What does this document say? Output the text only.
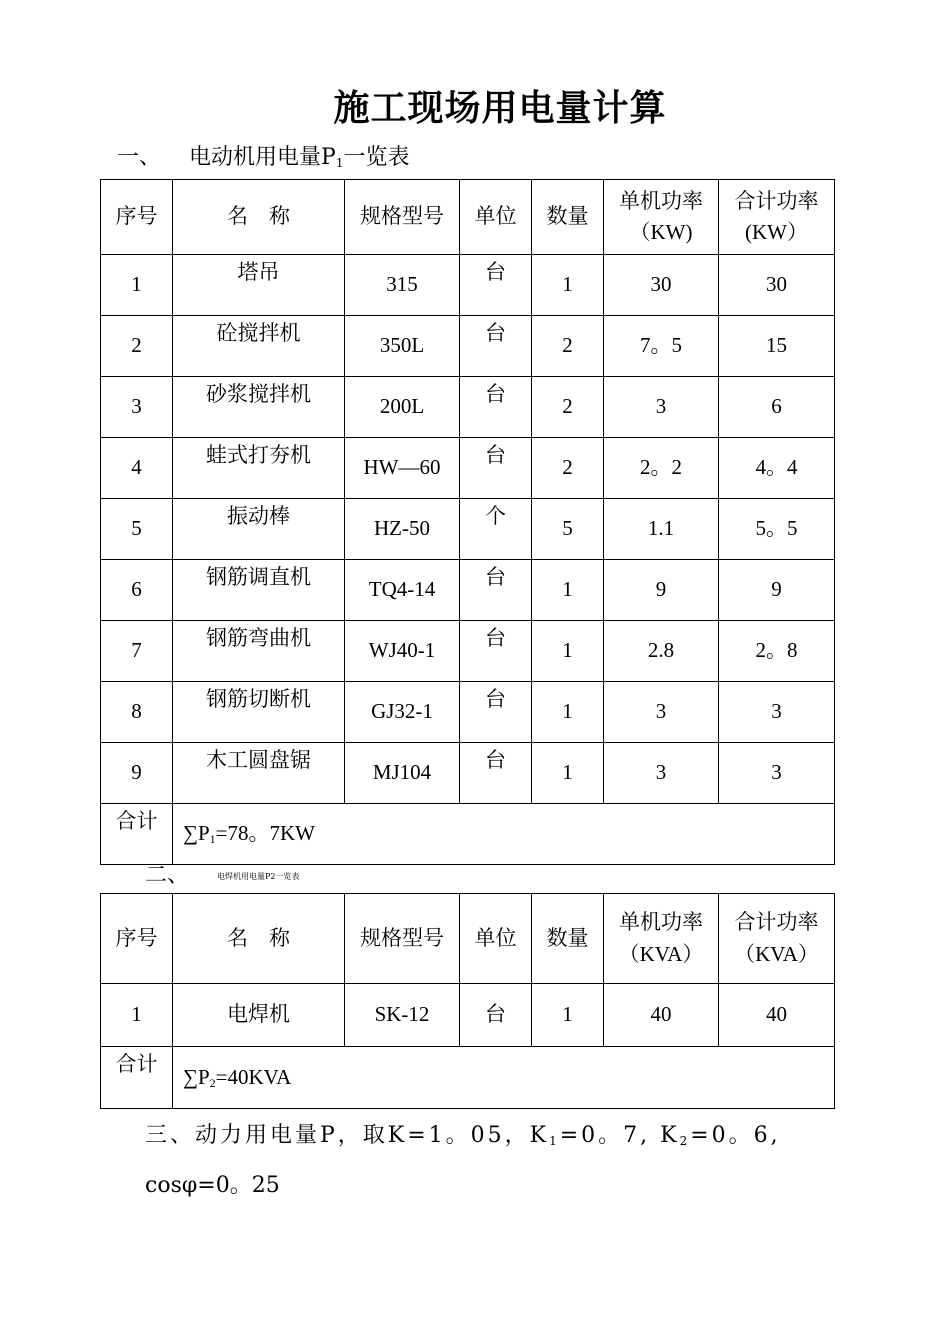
施工现场用电量计算
一、 电动机用电量$P_1$一览表
序号	名　称	规格型号	单位	数量	单机功率（KW)	合计功率(KW）
1	塔吊	315	台	1	30	30
2	砼搅拌机	350L	台	2	7。5	15
3	砂浆搅拌机	200L	台	2	3	6
4	蛙式打夯机	HW—60	台	2	2。2	4。4
5	振动棒	HZ-50	个	5	1.1	5。5
6	钢筋调直机	TQ4-14	台	1	9	9
7	钢筋弯曲机	WJ40-1	台	1	2.8	2。8
8	钢筋切断机	GJ32-1	台	1	3	3
9	木工圆盘锯	MJ104	台	1	3	3
合计	$\sum P_1=78$。7KW					
二、	电焊机用电量P2一览表
序号	名　称	规格型号	单位	数量	单机功率（KVA）	合计功率（KVA）
1	电焊机	SK-12	台	1	40	40
合计	$\sum P_2=40KVA$					
三、动力用电量P，取K=1。05，$K_1=0$。7, $K_2=0$。6,
cosφ=0。25
